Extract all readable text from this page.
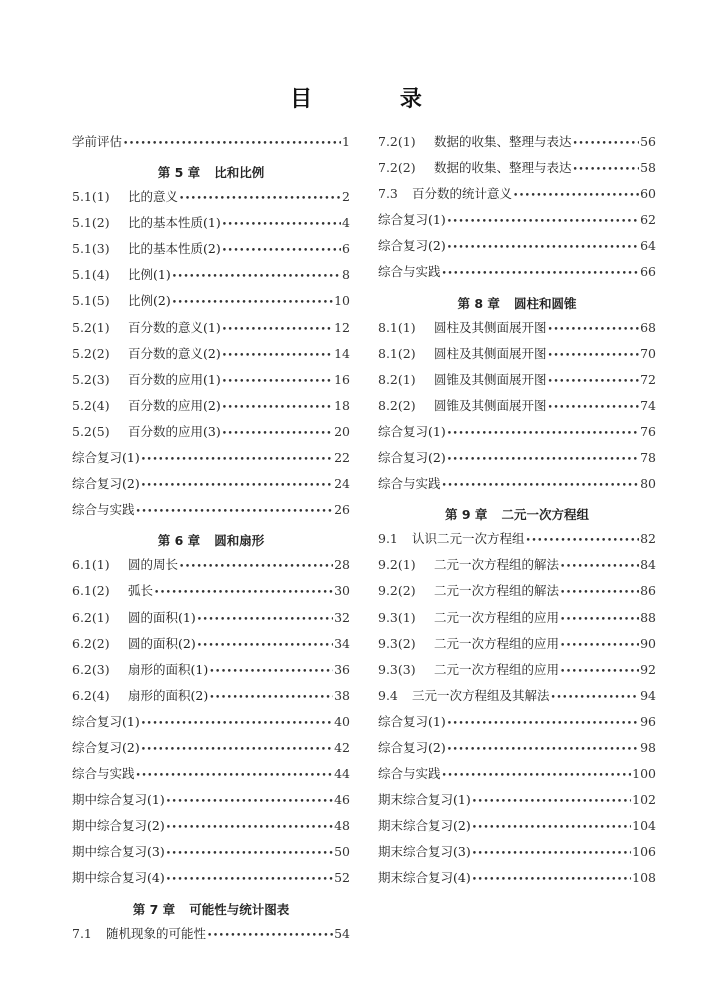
目 录
学前评估 •••••	1
第 5 章 比和比例
5.1(1)	比的意义 •••••	2
5.1(2)	比的基本性质(1) •••••	4
5.1(3)	比的基本性质(2) •••••	6
5.1(4)	比例(1) •••••	8
5.1(5)	比例(2) •••••	10
5.2(1)	百分数的意义(1) •••••	12
5.2(2)	百分数的意义(2) •••••	14
5.2(3)	百分数的应用(1) •••••	16
5.2(4)	百分数的应用(2) •••••	18
5.2(5)	百分数的应用(3) •••••	20
综合复习(1) •••••	22
综合复习(2) •••••	24
综合与实践 •••••	26
第 6 章 圆和扇形
6.1(1)	圆的周长 •••••	28
6.1(2)	弧长 •••••	30
6.2(1)	圆的面积(1) •••••	32
6.2(2)	圆的面积(2) •••••	34
6.2(3)	扇形的面积(1) •••••	36
6.2(4)	扇形的面积(2) •••••	38
综合复习(1) •••••	40
综合复习(2) •••••	42
综合与实践 •••••	44
期中综合复习(1) •••••	46
期中综合复习(2) •••••	48
期中综合复习(3) •••••	50
期中综合复习(4) •••••	52
第 7 章 可能性与统计图表
7.1	随机现象的可能性 •••••	54
7.2(1)	数据的收集、整理与表达 •••••	56
7.2(2)	数据的收集、整理与表达 •••••	58
7.3	百分数的统计意义 •••••	60
综合复习(1) •••••	62
综合复习(2) •••••	64
综合与实践 •••••	66
第 8 章 圆柱和圆锥
8.1(1)	圆柱及其侧面展开图 •••••	68
8.1(2)	圆柱及其侧面展开图 •••••	70
8.2(1)	圆锥及其侧面展开图 •••••	72
8.2(2)	圆锥及其侧面展开图 •••••	74
综合复习(1) •••••	76
综合复习(2) •••••	78
综合与实践 •••••	80
第 9 章 二元一次方程组
9.1	认识二元一次方程组 •••••	82
9.2(1)	二元一次方程组的解法 •••••	84
9.2(2)	二元一次方程组的解法 •••••	86
9.3(1)	二元一次方程组的应用 •••••	88
9.3(2)	二元一次方程组的应用 •••••	90
9.3(3)	二元一次方程组的应用 •••••	92
9.4	三元一次方程组及其解法 •••••	94
综合复习(1) •••••	96
综合复习(2) •••••	98
综合与实践 •••••	100
期末综合复习(1) •••••	102
期末综合复习(2) •••••	104
期末综合复习(3) •••••	106
期末综合复习(4) •••••	108
